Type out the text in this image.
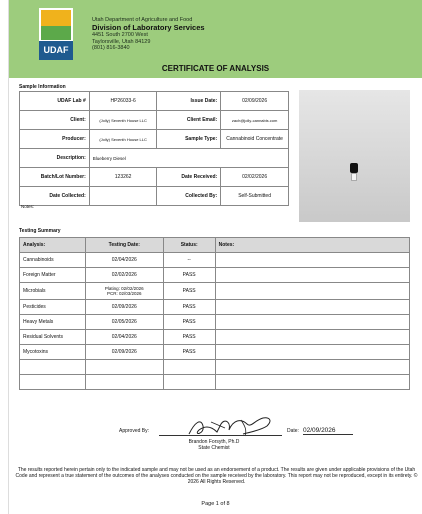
UDAF
Utah Department of Agriculture and Food
Division of Laboratory Services
4451 South 2700 West
Taylorsville, Utah 84129
(801) 816-3840
CERTIFICATE OF ANALYSIS
Sample Information
UDAF Lab #	HP26033-6	Issue Date:	02/09/2026
Client:	(Jolly) Seventh House LLC	Client Email:	zach@jolly-cannabis.com
Producer:	(Jolly) Seventh House LLC	Sample Type:	Cannabinoid Concentrate
Description:	Blueberry Diesel		
Batch/Lot Number:	123262	Date Received:	02/02/2026
Date Collected:		Collected By:	Self-Submitted
Notes:
Testing Summary
Analysis:	Testing Date:	Status:	Notes:
Cannabinoids	02/04/2026	--	
Foreign Matter	02/02/2026	PASS	
Microbials	Plating: 02/02/2026
PCR: 02/03/2026	PASS	
Pesticides	02/09/2026	PASS	
Heavy Metals	02/05/2026	PASS	
Residual Solvents	02/04/2026	PASS	
Mycotoxins	02/09/2026	PASS	

Approved By:	Date: 02/09/2026
Brandon Forsyth, Ph.D
State Chemist
The results reported herein pertain only to the indicated sample and may not be used as an endorsement of a product. The results are given under applicable provisions of the Utah Code and represent a true statement of the outcomes of the analyses conducted on the sample received by the laboratory. This report may not be reproduced, except in its entirety. © 2026 All Rights Reserved.
Page 1 of 8
